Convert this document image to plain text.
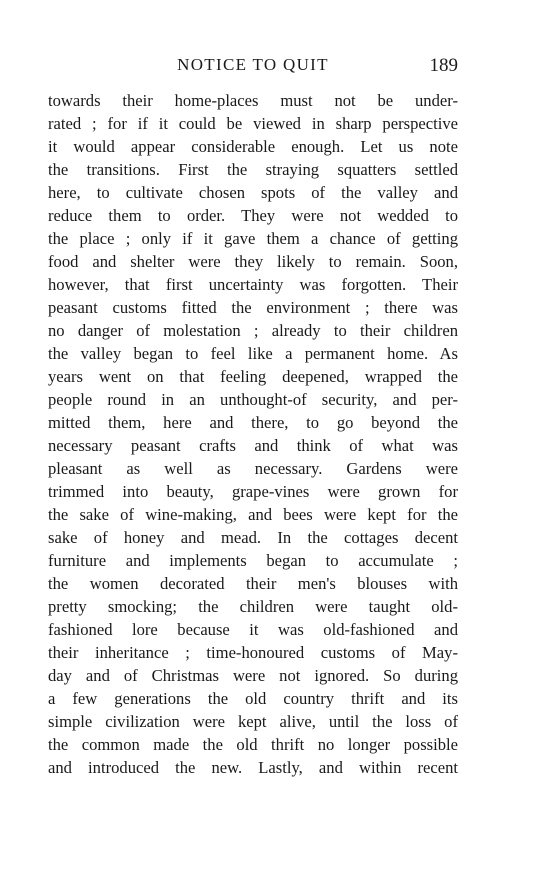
NOTICE TO QUIT	189
towards their home-places must not be under-
rated ; for if it could be viewed in sharp perspective
it would appear considerable enough. Let us note
the transitions. First the straying squatters settled
here, to cultivate chosen spots of the valley and
reduce them to order. They were not wedded to
the place ; only if it gave them a chance of getting
food and shelter were they likely to remain. Soon,
however, that first uncertainty was forgotten. Their
peasant customs fitted the environment ; there was
no danger of molestation ; already to their children
the valley began to feel like a permanent home. As
years went on that feeling deepened, wrapped the
people round in an unthought-of security, and per-
mitted them, here and there, to go beyond the
necessary peasant crafts and think of what was
pleasant as well as necessary. Gardens were
trimmed into beauty, grape-vines were grown for
the sake of wine-making, and bees were kept for the
sake of honey and mead. In the cottages decent
furniture and implements began to accumulate ;
the women decorated their men's blouses with
pretty smocking; the children were taught old-
fashioned lore because it was old-fashioned and
their inheritance ; time-honoured customs of May-
day and of Christmas were not ignored. So during
a few generations the old country thrift and its
simple civilization were kept alive, until the loss of
the common made the old thrift no longer possible
and introduced the new. Lastly, and within recent
